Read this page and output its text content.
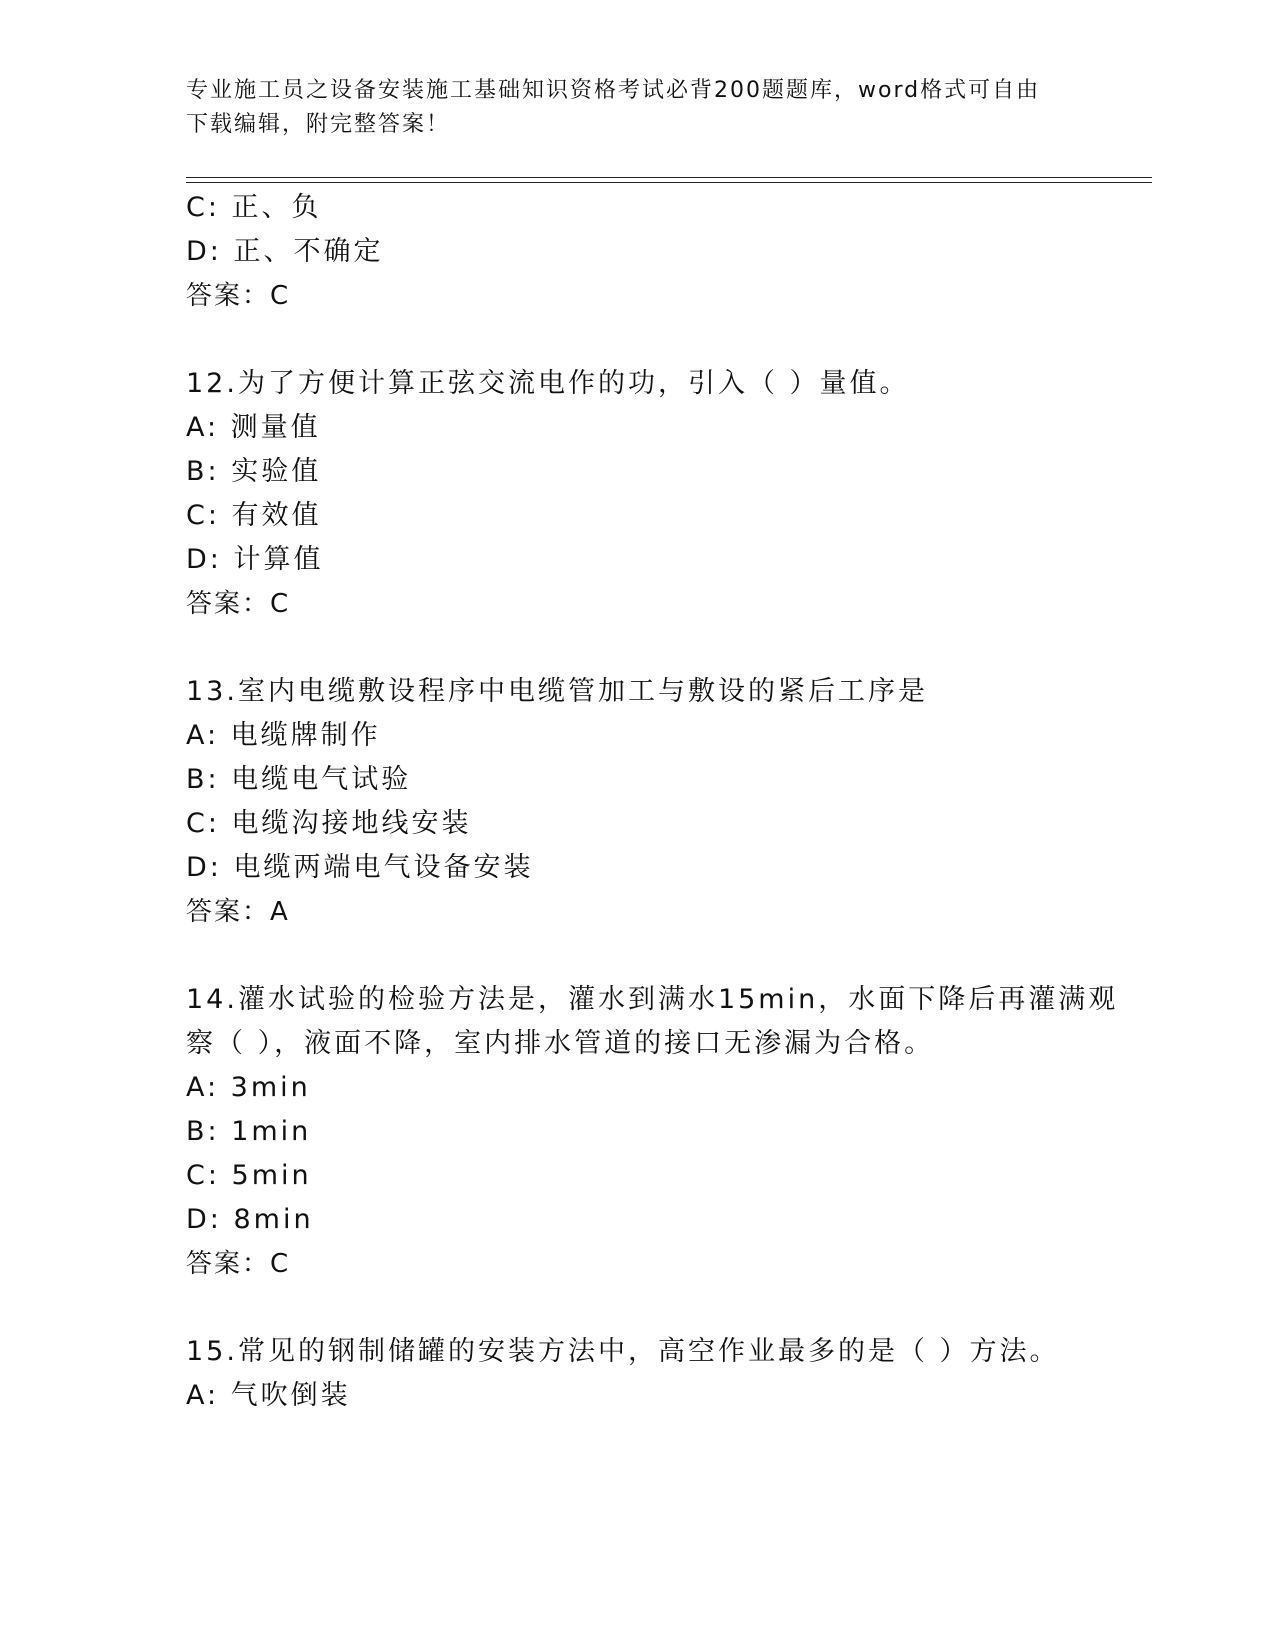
专业施工员之设备安装施工基础知识资格考试必背200题题库，word格式可自由
下载编辑，附完整答案！
C: 正、负
D: 正、不确定
答案：C
12.为了方便计算正弦交流电作的功，引入（ ）量值。
A: 测量值
B: 实验值
C: 有效值
D: 计算值
答案：C
13.室内电缆敷设程序中电缆管加工与敷设的紧后工序是
A: 电缆牌制作
B: 电缆电气试验
C: 电缆沟接地线安装
D: 电缆两端电气设备安装
答案：A
14.灌水试验的检验方法是，灌水到满水15min，水面下降后再灌满观
察（ ），液面不降，室内排水管道的接口无渗漏为合格。
A: 3min
B: 1min
C: 5min
D: 8min
答案：C
15.常见的钢制储罐的安装方法中，高空作业最多的是（ ）方法。
A: 气吹倒装
